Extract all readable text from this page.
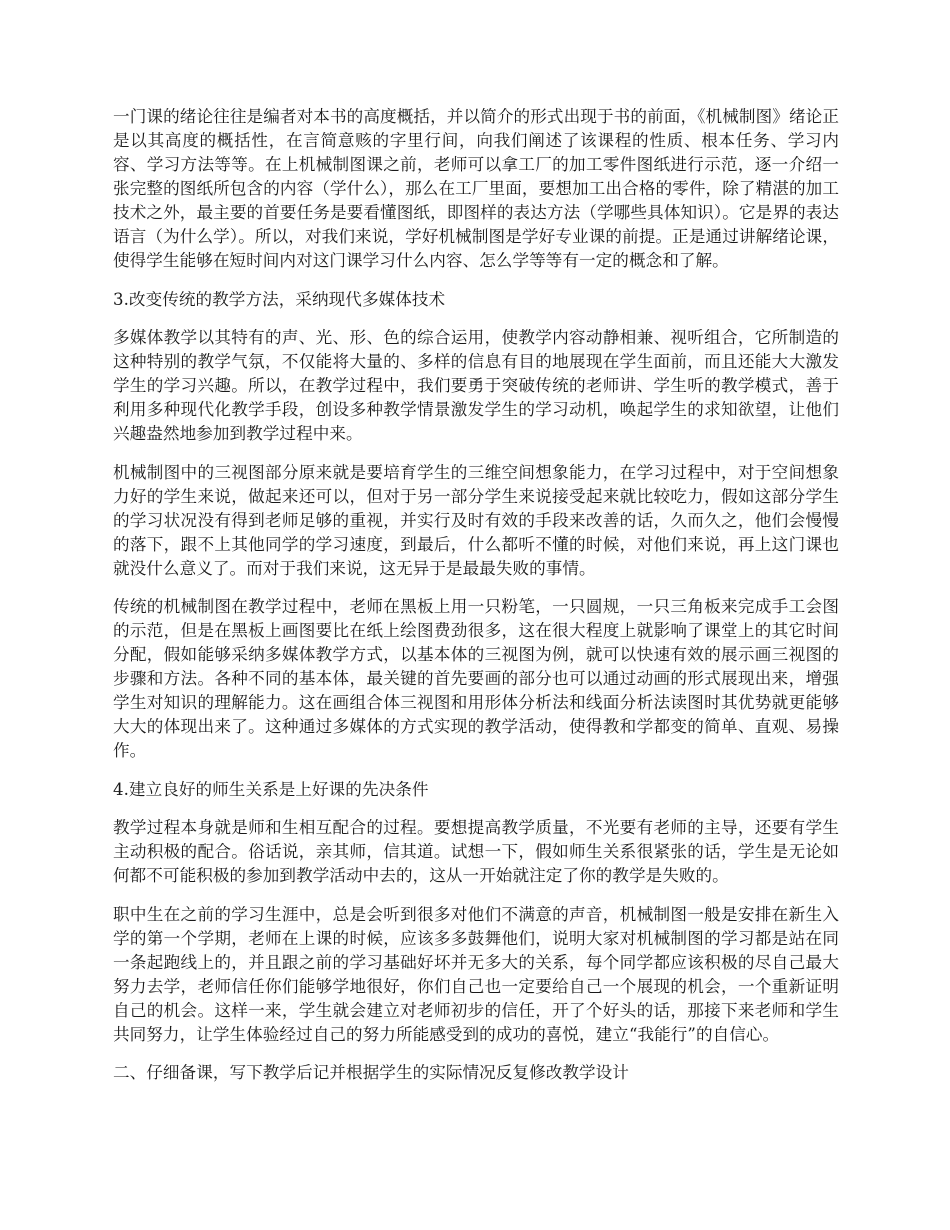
一门课的绪论往往是编者对本书的高度概括，并以简介的形式出现于书的前面，《机械制图》绪论正是以其高度的概括性，在言简意赅的字里行间，向我们阐述了该课程的性质、根本任务、学习内容、学习方法等等。在上机械制图课之前，老师可以拿工厂的加工零件图纸进行示范，逐一介绍一张完整的图纸所包含的内容（学什么），那么在工厂里面，要想加工出合格的零件，除了精湛的加工技术之外，最主要的首要任务是要看懂图纸，即图样的表达方法（学哪些具体知识）。它是界的表达语言（为什么学）。所以，对我们来说，学好机械制图是学好专业课的前提。正是通过讲解绪论课，使得学生能够在短时间内对这门课学习什么内容、怎么学等等有一定的概念和了解。

3.改变传统的教学方法，采纳现代多媒体技术

多媒体教学以其特有的声、光、形、色的综合运用，使教学内容动静相兼、视听组合，它所制造的这种特别的教学气氛，不仅能将大量的、多样的信息有目的地展现在学生面前，而且还能大大激发学生的学习兴趣。所以，在教学过程中，我们要勇于突破传统的老师讲、学生听的教学模式，善于利用多种现代化教学手段，创设多种教学情景激发学生的学习动机，唤起学生的求知欲望，让他们兴趣盎然地参加到教学过程中来。

机械制图中的三视图部分原来就是要培育学生的三维空间想象能力，在学习过程中，对于空间想象力好的学生来说，做起来还可以，但对于另一部分学生来说接受起来就比较吃力，假如这部分学生的学习状况没有得到老师足够的重视，并实行及时有效的手段来改善的话，久而久之，他们会慢慢的落下，跟不上其他同学的学习速度，到最后，什么都听不懂的时候，对他们来说，再上这门课也就没什么意义了。而对于我们来说，这无异于是最最失败的事情。

传统的机械制图在教学过程中，老师在黑板上用一只粉笔，一只圆规，一只三角板来完成手工会图的示范，但是在黑板上画图要比在纸上绘图费劲很多，这在很大程度上就影响了课堂上的其它时间分配，假如能够采纳多媒体教学方式，以基本体的三视图为例，就可以快速有效的展示画三视图的步骤和方法。各种不同的基本体，最关键的首先要画的部分也可以通过动画的形式展现出来，增强学生对知识的理解能力。这在画组合体三视图和用形体分析法和线面分析法读图时其优势就更能够大大的体现出来了。这种通过多媒体的方式实现的教学活动，使得教和学都变的简单、直观、易操作。

4.建立良好的师生关系是上好课的先决条件

教学过程本身就是师和生相互配合的过程。要想提高教学质量，不光要有老师的主导，还要有学生主动积极的配合。俗话说，亲其师，信其道。试想一下，假如师生关系很紧张的话，学生是无论如何都不可能积极的参加到教学活动中去的，这从一开始就注定了你的教学是失败的。

职中生在之前的学习生涯中，总是会听到很多对他们不满意的声音，机械制图一般是安排在新生入学的第一个学期，老师在上课的时候，应该多多鼓舞他们，说明大家对机械制图的学习都是站在同一条起跑线上的，并且跟之前的学习基础好坏并无多大的关系，每个同学都应该积极的尽自己最大努力去学，老师信任你们能够学地很好，你们自己也一定要给自己一个展现的机会，一个重新证明自己的机会。这样一来，学生就会建立对老师初步的信任，开了个好头的话，那接下来老师和学生共同努力，让学生体验经过自己的努力所能感受到的成功的喜悦，建立“我能行”的自信心。

二、仔细备课，写下教学后记并根据学生的实际情况反复修改教学设计
